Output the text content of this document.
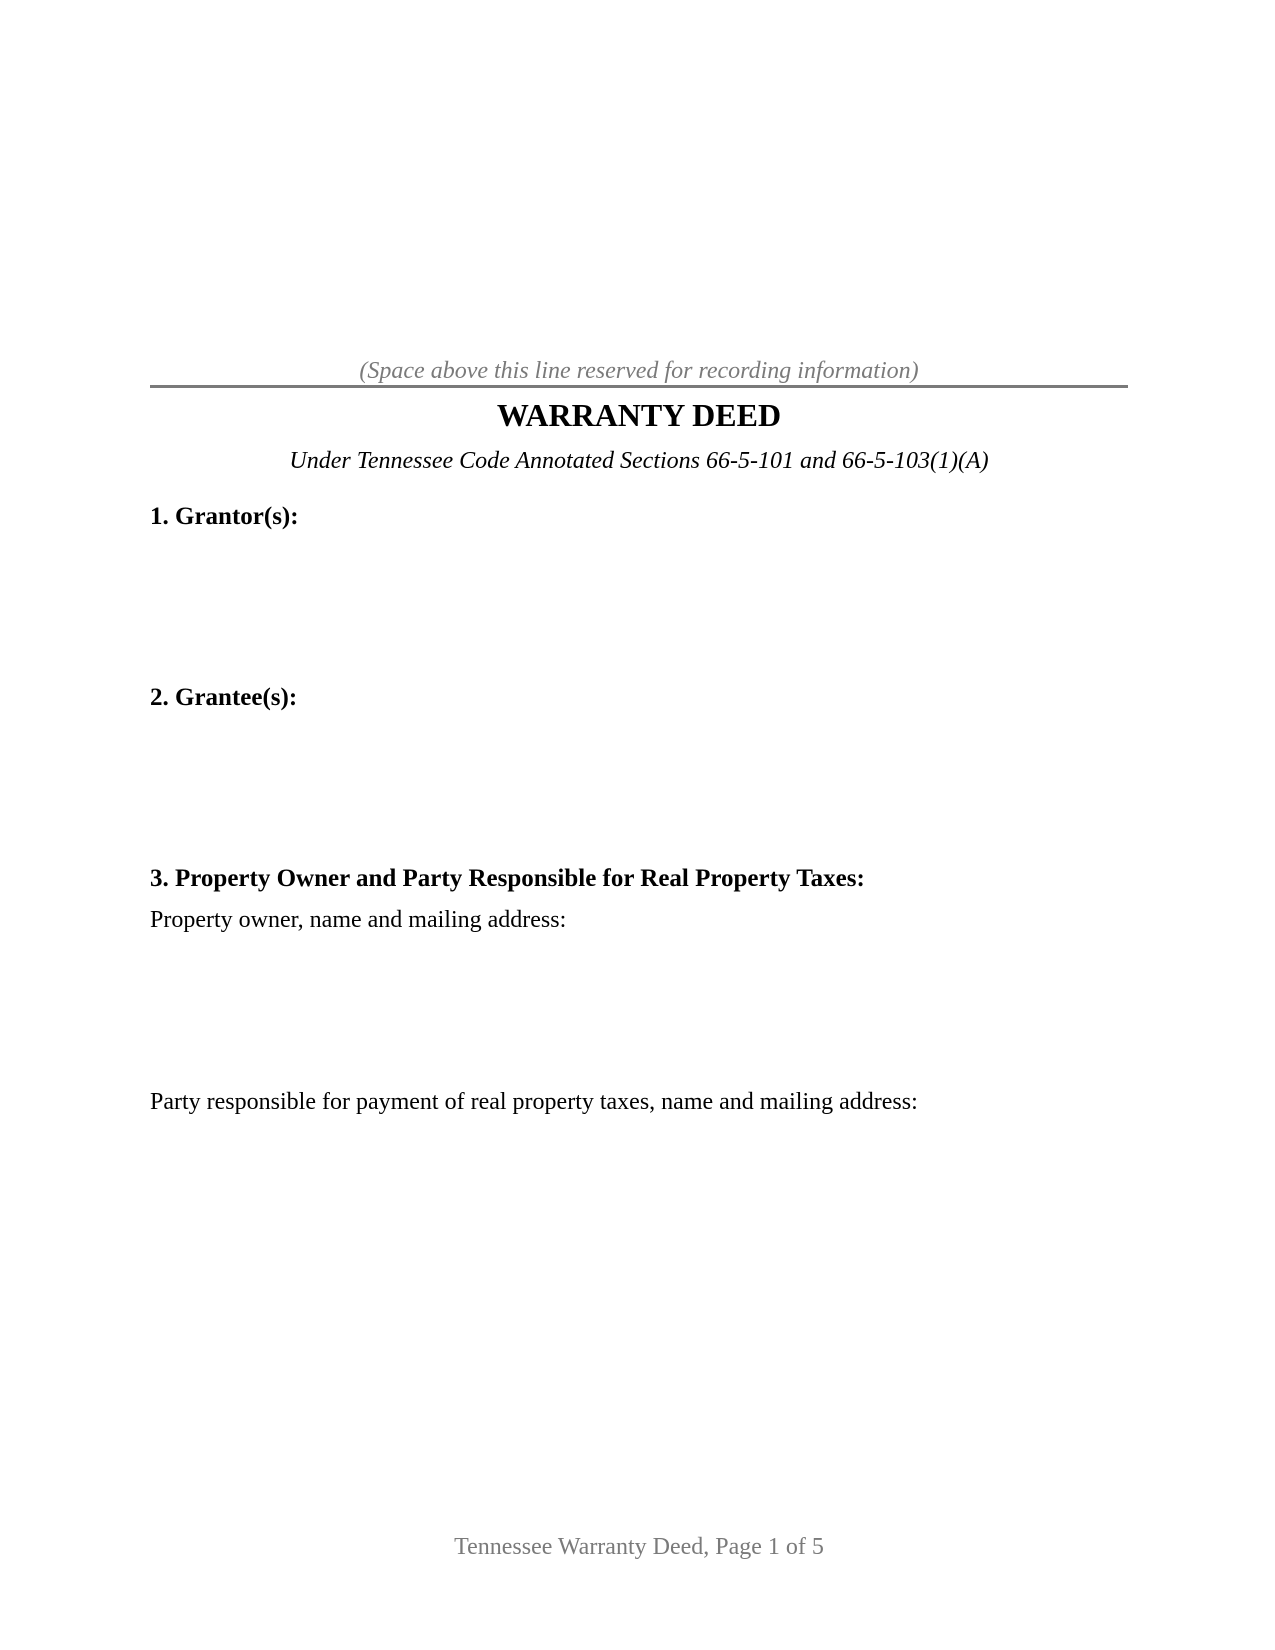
(Space above this line reserved for recording information)
WARRANTY DEED
Under Tennessee Code Annotated Sections 66-5-101 and 66-5-103(1)(A)
1. Grantor(s):
2. Grantee(s):
3. Property Owner and Party Responsible for Real Property Taxes:
Property owner, name and mailing address:
Party responsible for payment of real property taxes, name and mailing address:
Tennessee Warranty Deed, Page 1 of 5
